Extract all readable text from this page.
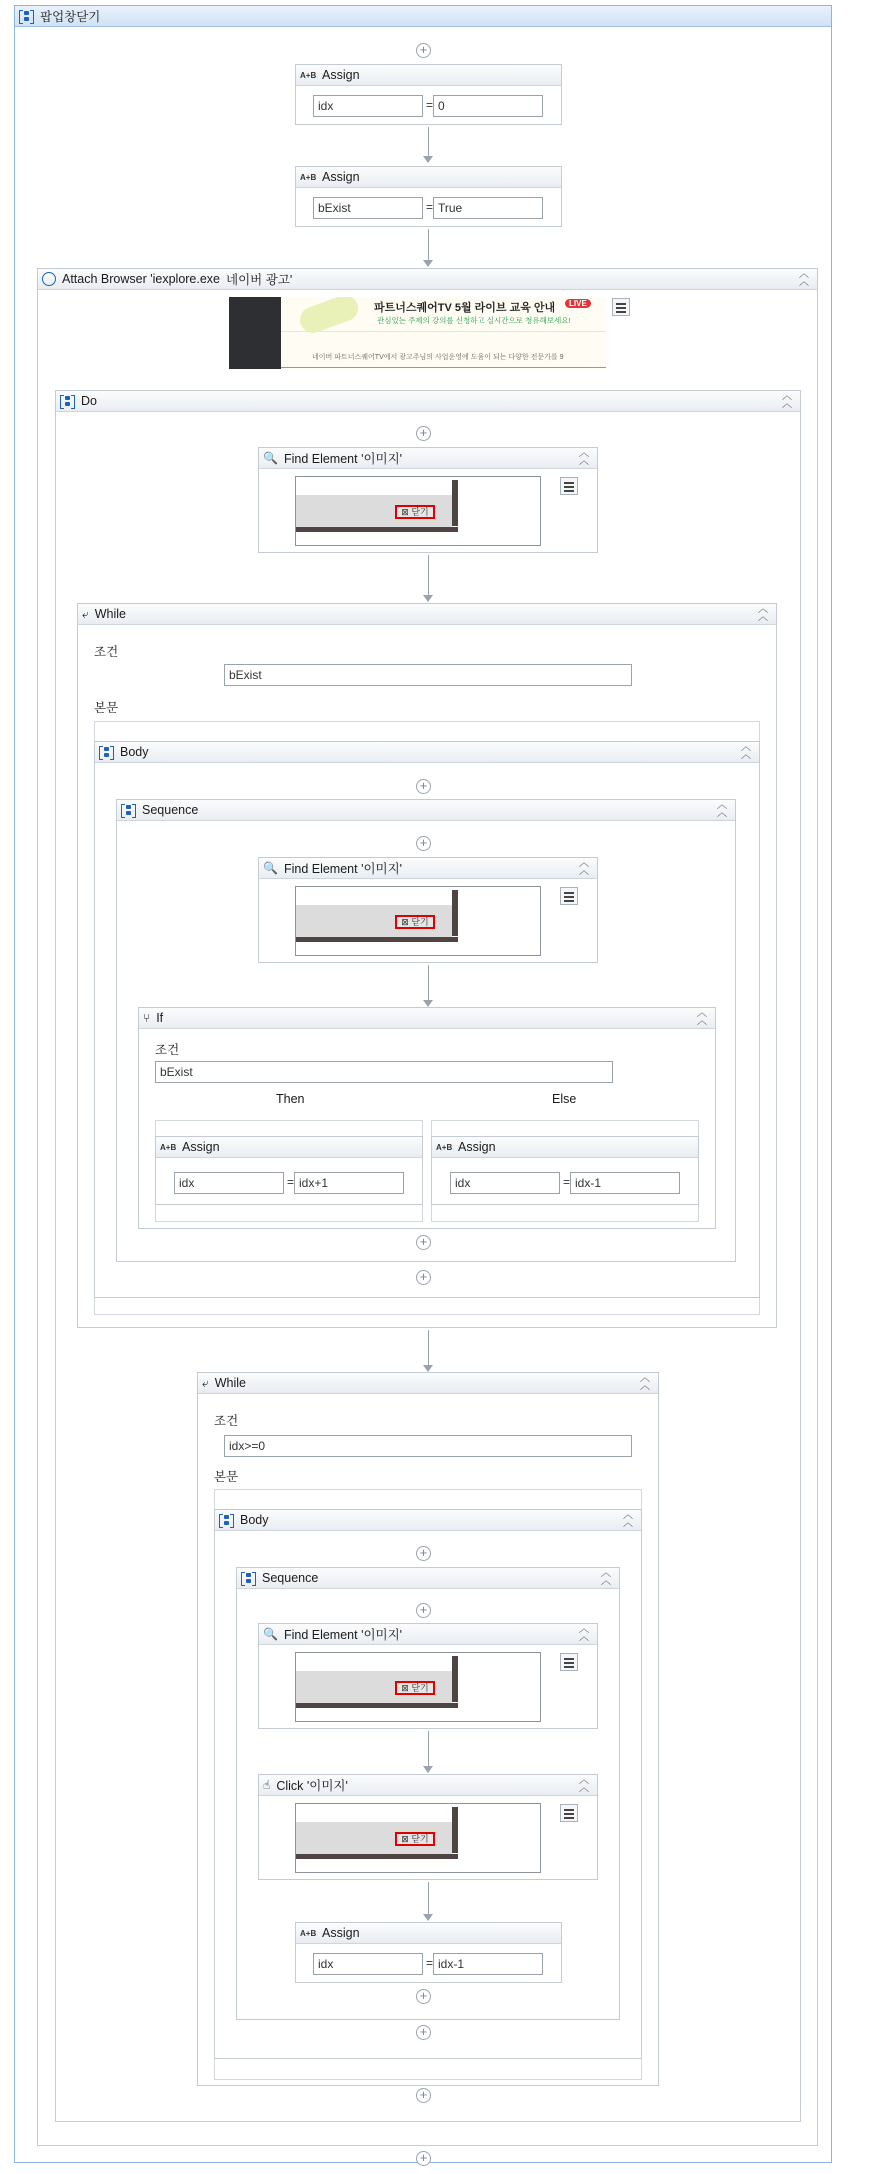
팝업창닫기
+
A+B Assign
idx	= 0
A+B Assign
bExist	= True
Attach Browser 'iexplore.exe 네이버 광고'	︿
︿
파트너스퀘어TV 5월 라이브 교육 안내	LIVE
관심있는 주제의 강의를 신청하고 실시간으로 청유해보세요!
네이버 파트너스퀘어TV에서 광고주님의 사업운영에 도움이 되는 다양한 전문가를 9
Do	︿
︿
+
🔍 Find Element '이미지'	︿
︿
⊠ 닫기
⤶ While	︿
︿
조건
bExist
본문
Body	︿
︿
+
Sequence	︿
︿
+
🔍 Find Element '이미지'	︿
︿
⊠ 닫기
⑂ If	︿
︿
조건
bExist
Then	Else
A+B Assign
idx	= idx+1
A+B Assign
idx	= idx-1
+
+
⤶ While	︿
︿
조건
idx>=0
본문
Body	︿
︿
+
Sequence	︿
︿
+
🔍 Find Element '이미지'	︿
︿
⊠ 닫기
☝ Click '이미지'	︿
︿
⊠ 닫기
A+B Assign
idx	= idx-1
+
+
+
+
